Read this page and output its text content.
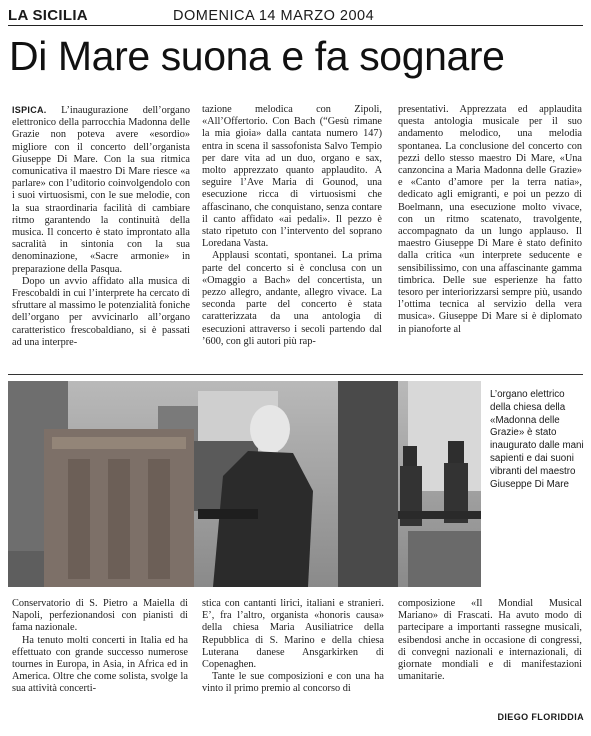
LA SICILIA	DOMENICA 14 MARZO 2004
Di Mare suona e fa sognare

ISPICA. L’inaugurazione dell’organo elettronico della parrocchia Madonna delle Grazie non poteva avere «esordio» migliore con il concerto dell’organista Giuseppe Di Mare. Con la sua ritmica comunicativa il maestro Di Mare riesce «a parlare» con l’uditorio coinvolgendolo con i suoi virtuosismi, con le sue melodie, con la sua straordinaria facilità di cambiare ritmo garantendo la continuità della musica. Il concerto è stato improntato alla sacralità in sintonia con la sua denominazione, «Sacre armonie» in preparazione della Pasqua.

Dopo un avvio affidato alla musica di Frescobaldi in cui l’interprete ha cercato di sfruttare al massimo le potenzialità foniche dell’organo per avvicinarlo all’organo caratteristico frescobaldiano, si è passati ad una interpre-

tazione melodica con Zipoli, «All’Offertorio. Con Bach (“Gesù rimane la mia gioia» dalla cantata numero 147) entra in scena il sassofonista Salvo Tempio per dare vita ad un duo, organo e sax, molto apprezzato quanto applaudito. A seguire l’Ave Maria di Gounod, una esecuzione ricca di virtuosismi che affascinano, che conquistano, senza contare il canto affidato «ai pedali». Il pezzo è stato ripetuto con l’intervento del soprano Loredana Vasta.

Applausi scontati, spontanei. La prima parte del concerto si è conclusa con un «Omaggio a Bach» del concertista, un pezzo allegro, andante, allegro vivace. La seconda parte del concerto è stata caratterizzata da una antologia di esecuzioni attraverso i secoli partendo dal ’600, con gli autori più rap-

presentativi. Apprezzata ed applaudita questa antologia musicale per il suo andamento melodico, una melodia spontanea. La conclusione del concerto con pezzi dello stesso maestro Di Mare, «Una canzoncina a Maria Madonna delle Grazie» e «Canto d’amore per la terra natia», dedicato agli emigranti, e poi un pezzo di Boelmann, una esecuzione molto vivace, con un ritmo scatenato, travolgente, accompagnato da un lungo applauso. Il maestro Giuseppe Di Mare è stato definito dalla critica «un interprete seducente e sensibilissimo, con una affascinante gamma timbrica. Delle sue esperienze ha fatto tesoro per interiorizzarsi sempre più, usando l’ottima tecnica al servizio della vera musica». Giuseppe Di Mare si è diplomato in pianoforte al

L’organo elettrico della chiesa della «Madonna delle Grazie» è stato inaugurato dalle mani sapienti e dai suoni vibranti del maestro Giuseppe Di Mare

Conservatorio di S. Pietro a Maiella di Napoli, perfezionandosi con pianisti di fama nazionale.

Ha tenuto molti concerti in Italia ed ha effettuato con grande successo numerose tournes in Europa, in Asia, in Africa ed in America. Oltre che come solista, svolge la sua attività concerti-

stica con cantanti lirici, italiani e stranieri. E’, fra l’altro, organista «honoris causa» della chiesa Maria Ausiliatrice della Repubblica di S. Marino e della chiesa Luterana danese Ansgarkirken di Copenaghen.

Tante le sue composizioni e con una ha vinto il primo premio al concorso di

composizione «Il Mondial Musical Mariano» di Frascati. Ha avuto modo di partecipare a importanti rassegne musicali, esibendosi anche in occasione di congressi, di convegni nazionali e internazionali, di giornate mondiali e di manifestazioni umanitarie.

DIEGO FLORIDDIA
